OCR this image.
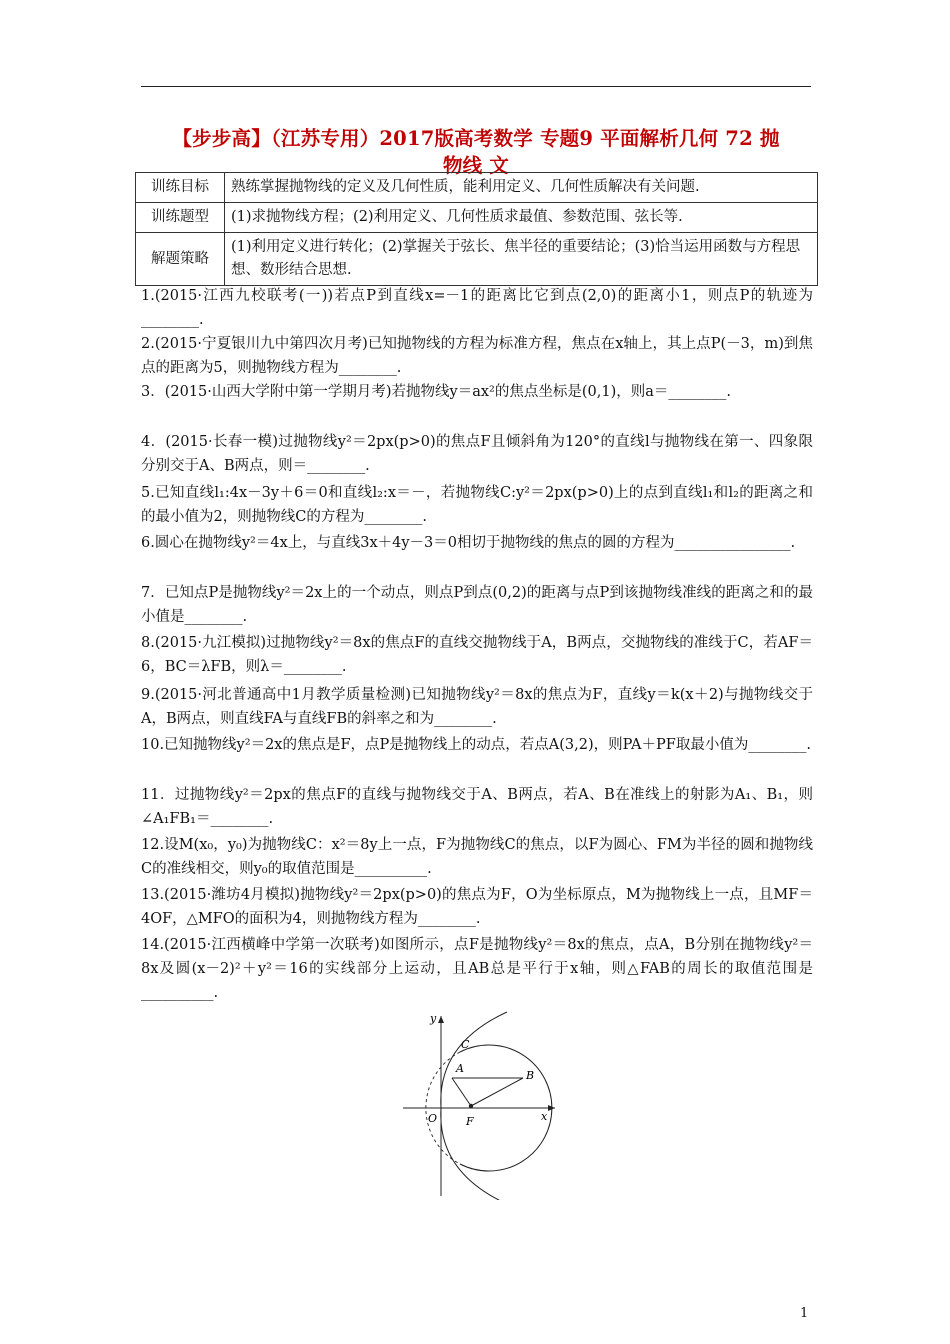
【步步高】（江苏专用）2017版高考数学 专题9 平面解析几何 72 抛
物线 文
训练目标	熟练掌握抛物线的定义及几何性质，能利用定义、几何性质解决有关问题.
训练题型	(1)求抛物线方程；(2)利用定义、几何性质求最值、参数范围、弦长等.
解题策略	(1)利用定义进行转化；(2)掌握关于弦长、焦半径的重要结论；(3)恰当运用函数与方程思想、数形结合思想.
1.(2015·江西九校联考(一))若点P到直线x=－1的距离比它到点(2,0)的距离小1，则点P的轨迹为________.
2.(2015·宁夏银川九中第四次月考)已知抛物线的方程为标准方程，焦点在x轴上，其上点P(－3，m)到焦点的距离为5，则抛物线方程为________.
3．(2015·山西大学附中第一学期月考)若抛物线y＝ax²的焦点坐标是(0,1)，则a＝________.
4．(2015·长春一模)过抛物线y²＝2px(p>0)的焦点F且倾斜角为120°的直线l与抛物线在第一、四象限分别交于A、B两点，则＝________.
5.已知直线l₁:4x－3y＋6＝0和直线l₂:x＝－，若抛物线C:y²＝2px(p>0)上的点到直线l₁和l₂的距离之和的最小值为2，则抛物线C的方程为________.
6.圆心在抛物线y²＝4x上，与直线3x＋4y－3＝0相切于抛物线的焦点的圆的方程为________________.
7．已知点P是抛物线y²＝2x上的一个动点，则点P到点(0,2)的距离与点P到该抛物线准线的距离之和的最小值是________.
8.(2015·九江模拟)过抛物线y²＝8x的焦点F的直线交抛物线于A，B两点，交抛物线的准线于C，若AF＝6，BC＝λFB，则λ＝________.
9.(2015·河北普通高中1月教学质量检测)已知抛物线y²＝8x的焦点为F，直线y＝k(x＋2)与抛物线交于A，B两点，则直线FA与直线FB的斜率之和为________.
10.已知抛物线y²＝2x的焦点是F，点P是抛物线上的动点，若点A(3,2)，则PA＋PF取最小值为________.
11．过抛物线y²＝2px的焦点F的直线与抛物线交于A、B两点，若A、B在准线上的射影为A₁、B₁，则∠A₁FB₁＝________.
12.设M(x₀，y₀)为抛物线C：x²＝8y上一点，F为抛物线C的焦点，以F为圆心、FM为半径的圆和抛物线C的准线相交，则y₀的取值范围是__________.
13.(2015·潍坊4月模拟)抛物线y²＝2px(p>0)的焦点为F，O为坐标原点，M为抛物线上一点，且MF＝4OF，△MFO的面积为4，则抛物线方程为________.
14.(2015·江西横峰中学第一次联考)如图所示，点F是抛物线y²＝8x的焦点，点A，B分别在抛物线y²＝8x及圆(x－2)²＋y²＝16的实线部分上运动，且AB总是平行于x轴，则△FAB的周长的取值范围是__________.
y
x
O
C
A
B
F
1
